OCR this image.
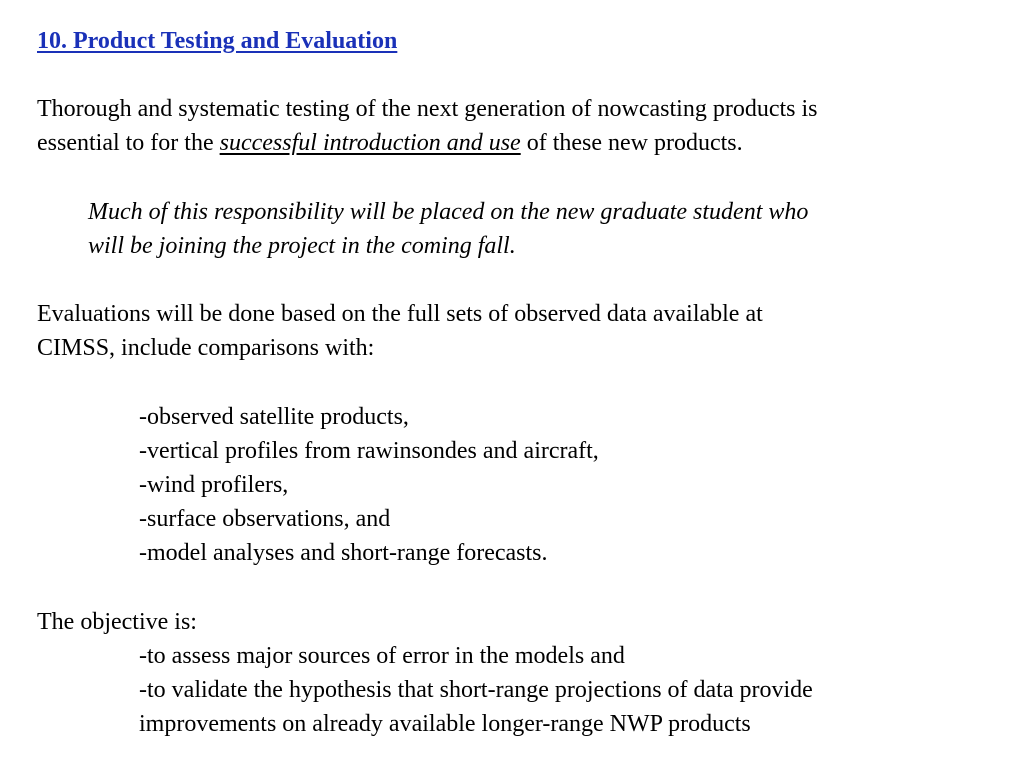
10. Product Testing and Evaluation
Thorough and systematic testing of the next generation of nowcasting products is
essential to for the successful introduction and use of these new products.
Much of this responsibility will be placed on the new graduate student who
will be joining the project in the coming fall.
Evaluations will be done based on the full sets of observed data available at
CIMSS, include comparisons with:
-observed satellite products,
-vertical profiles from rawinsondes and aircraft,
-wind profilers,
-surface observations, and
-model analyses and short-range forecasts.
The objective is:
-to assess major sources of error in the models and
-to validate the hypothesis that short-range projections of data provide
improvements on already available longer-range NWP products
